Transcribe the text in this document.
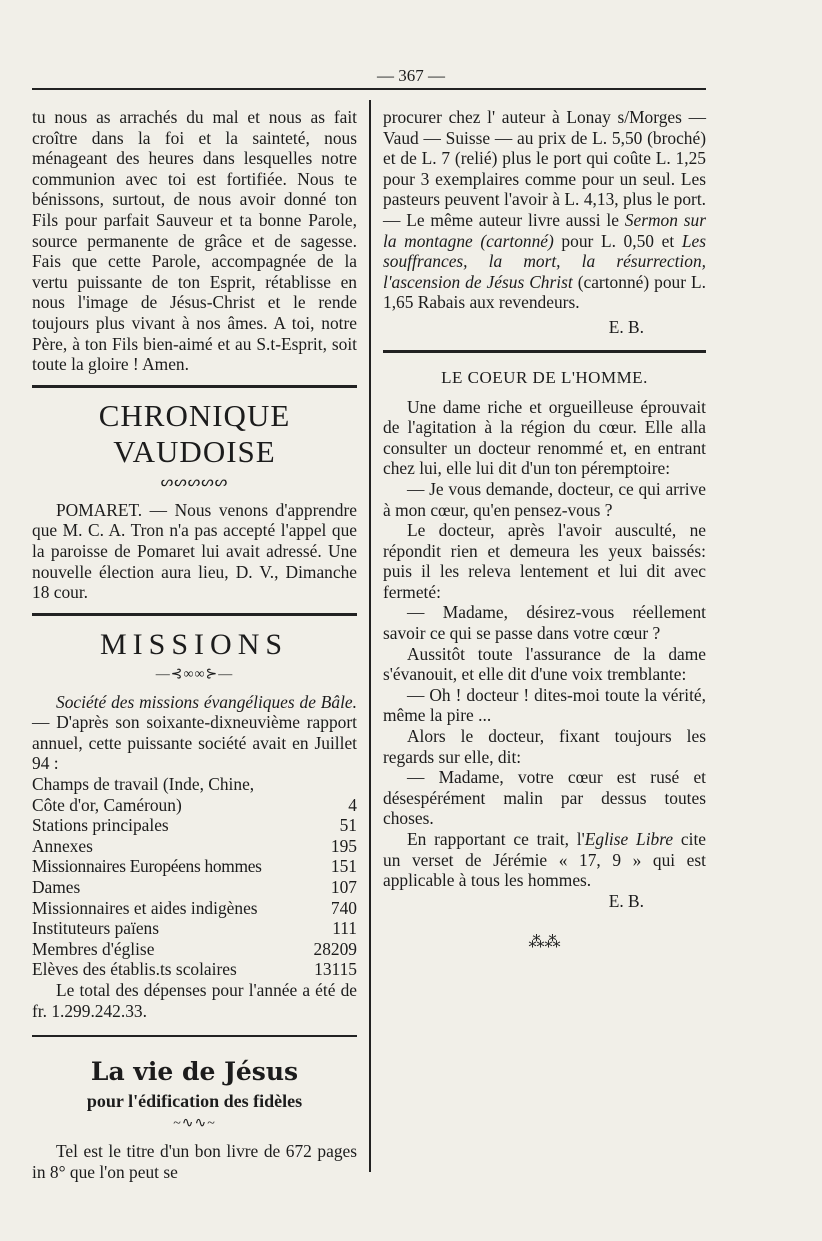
— 367 —

tu nous as arrachés du mal et nous as fait croître dans la foi et la sainteté, nous ménageant des heures dans lesquelles notre communion avec toi est fortifiée. Nous te bénissons, surtout, de nous avoir donné ton Fils pour parfait Sauveur et ta bonne Parole, source permanente de grâce et de sagesse. Fais que cette Parole, accompagnée de la vertu puissante de ton Esprit, rétablisse en nous l'image de Jésus-Christ et le rende toujours plus vivant à nos âmes. A toi, notre Père, à ton Fils bien-aimé et au S.t-Esprit, soit toute la gloire ! Amen.

CHRONIQUE VAUDOISE
ᔕᔕᔕᔕᔕ

POMARET. — Nous venons d'apprendre que M. C. A. Tron n'a pas accepté l'appel que la paroisse de Pomaret lui avait adressé. Une nouvelle élection aura lieu, D. V., Dimanche 18 cour.

MISSIONS
—⊰∞∞⊱—

Société des missions évangéliques de Bâle. — D'après son soixante-dixneuvième rapport annuel, cette puissante société avait en Juillet 94 :

Champs de travail (Inde, Chine,	
Côte d'or, Caméroun)	4
Stations principales	51
Annexes	195
Missionnaires Européens hommes	151
Dames	107
Missionnaires et aides indigènes	740
Instituteurs païens	111
Membres d'église	28209
Elèves des établis.ts scolaires	13115

Le total des dépenses pour l'année a été de fr. 1.299.242.33.

La vie de Jésus
pour l'édification des fidèles
~∿∿~

Tel est le titre d'un bon livre de 672 pages in 8° que l'on peut se

procurer chez l' auteur à Lonay s/Morges — Vaud — Suisse — au prix de L. 5,50 (broché) et de L. 7 (relié) plus le port qui coûte L. 1,25 pour 3 exemplaires comme pour un seul. Les pasteurs peuvent l'avoir à L. 4,13, plus le port. — Le même auteur livre aussi le Sermon sur la montagne (cartonné) pour L. 0,50 et Les souffrances, la mort, la résurrection, l'ascension de Jésus Christ (cartonné) pour L. 1,65 Rabais aux revendeurs.

E. B.
LE COEUR DE L'HOMME.

Une dame riche et orgueilleuse éprouvait de l'agitation à la région du cœur. Elle alla consulter un docteur renommé et, en entrant chez lui, elle lui dit d'un ton péremptoire:

— Je vous demande, docteur, ce qui arrive à mon cœur, qu'en pensez-vous ?

Le docteur, après l'avoir ausculté, ne répondit rien et demeura les yeux baissés: puis il les releva lentement et lui dit avec fermeté:

— Madame, désirez-vous réellement savoir ce qui se passe dans votre cœur ?

Aussitôt toute l'assurance de la dame s'évanouit, et elle dit d'une voix tremblante:

— Oh ! docteur ! dites-moi toute la vérité, même la pire ...

Alors le docteur, fixant toujours les regards sur elle, dit:

— Madame, votre cœur est rusé et désespérément malin par dessus toutes choses.

En rapportant ce trait, l'Eglise Libre cite un verset de Jérémie « 17, 9 » qui est applicable à tous les hommes.

E. B.
⁂⁂
